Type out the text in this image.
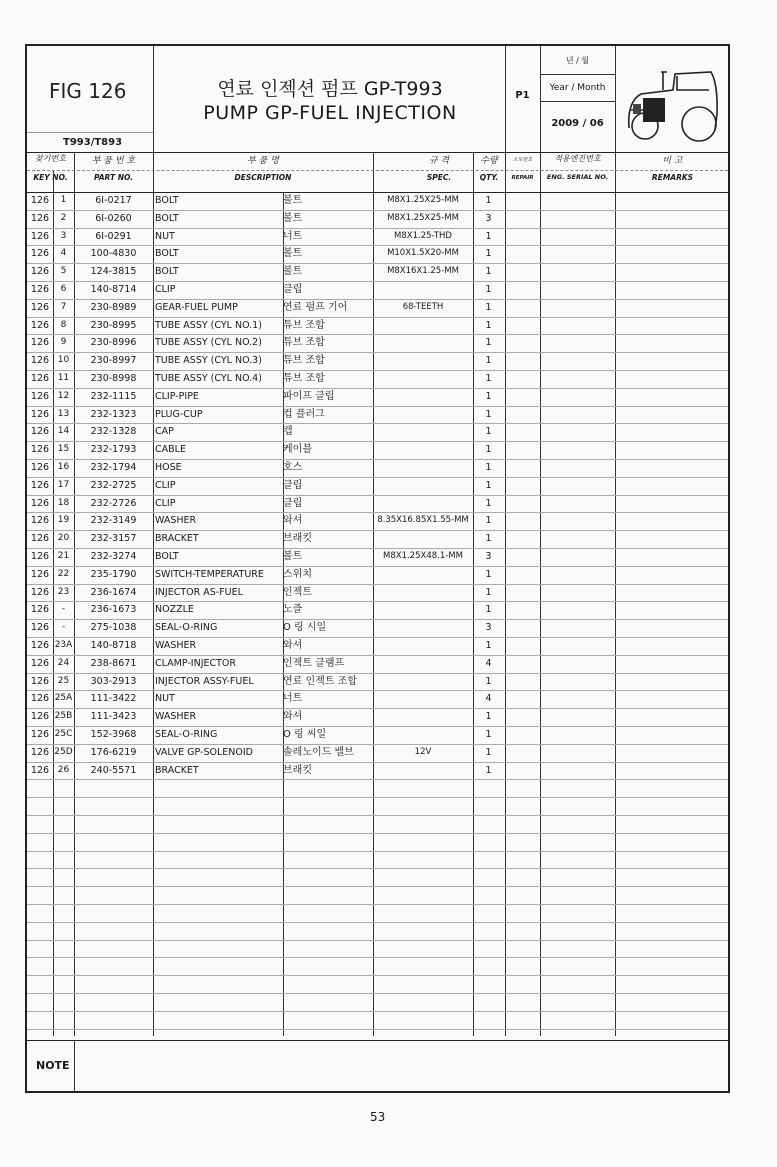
FIG 126
T993/T893
연료 인젝션 펌프 GP-T993
PUMP GP-FUEL INJECTION
P1
년 / 월
Year / Month
2009 / 06
찾기번호
KEY NO.
부 품 번 호
PART NO.
부 품 명
DESCRIPTION
규 격
SPEC.
수량
QTY.
소모번호
REPAIR
적용엔진번호
ENG. SERIAL NO.
비 고
REMARKS
126	1	6I-0217	BOLT	볼트	M8X1.25X25-MM	1
126	2	6I-0260	BOLT	볼트	M8X1.25X25-MM	3
126	3	6I-0291	NUT	너트	M8X1.25-THD	1
126	4	100-4830	BOLT	볼트	M10X1.5X20-MM	1
126	5	124-3815	BOLT	볼트	M8X16X1.25-MM	1
126	6	140-8714	CLIP	클립	1
126	7	230-8989	GEAR-FUEL PUMP	연료 펌프 기어	68-TEETH	1
126	8	230-8995	TUBE ASSY (CYL NO.1)	튜브 조합	1
126	9	230-8996	TUBE ASSY (CYL NO.2)	튜브 조합	1
126 10	230-8997	TUBE ASSY (CYL NO.3)	튜브 조합	1
126 11	230-8998	TUBE ASSY (CYL NO.4)	튜브 조합	1
126 12	232-1115	CLIP-PIPE	파이프 클립	1
126 13	232-1323	PLUG-CUP	컵 플러그	1
126 14	232-1328	CAP	캡	1
126 15	232-1793	CABLE	케이블	1
126 16	232-1794	HOSE	호스	1
126 17	232-2725	CLIP	클립	1
126 18	232-2726	CLIP	클립	1
126 19	232-3149	WASHER	와셔	8.35X16.85X1.55-MM	1
126 20	232-3157	BRACKET	브래킷	1
126 21	232-3274	BOLT	볼트	M8X1.25X48.1-MM	3
126 22	235-1790	SWITCH-TEMPERATURE	스위치	1
126 23	236-1674	INJECTOR AS-FUEL	인젝트	1
126	-	236-1673	NOZZLE	노즐	1
126	-	275-1038	SEAL-O-RING	O 링 시일	3
126 23A	140-8718	WASHER	와셔	1
126 24	238-8671	CLAMP-INJECTOR	인젝트 클램프	4
126 25	303-2913	INJECTOR ASSY-FUEL	연료 인젝트 조합	1
126 25A	111-3422	NUT	너트	4
126 25B	111-3423	WASHER	와셔	1
126 25C	152-3968	SEAL-O-RING	O 링 씨일	1
126 25D	176-6219	VALVE GP-SOLENOID	솔레노이드 밸브	12V	1
126 26	240-5571	BRACKET	브래킷	1
NOTE
53
